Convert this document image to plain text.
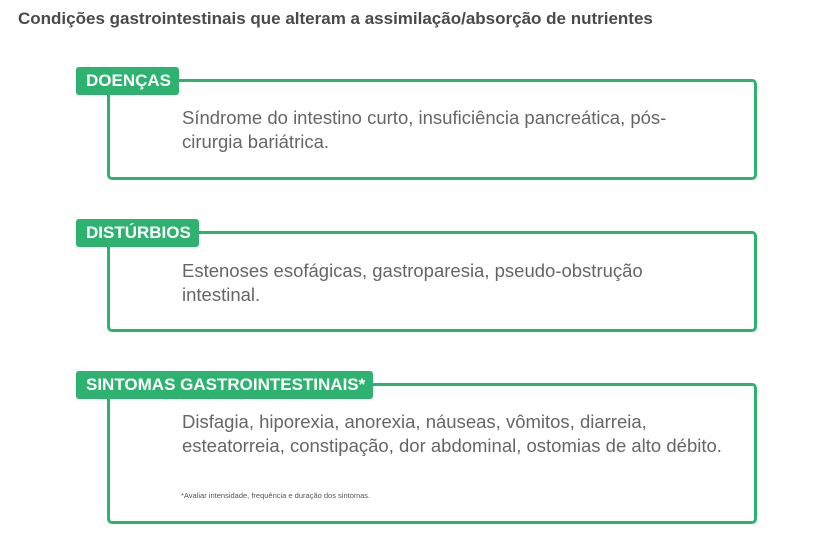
Condições gastrointestinais que alteram a assimilação/absorção de nutrientes
DOENÇAS
Síndrome do intestino curto, insuficiência pancreática, pós-cirurgia bariátrica.
DISTÚRBIOS
Estenoses esofágicas, gastroparesia, pseudo-obstrução intestinal.
SINTOMAS GASTROINTESTINAIS*
Disfagia, hiporexia, anorexia, náuseas, vômitos, diarreia, esteatorreia, constipação, dor abdominal, ostomias de alto débito.
*Avaliar intensidade, frequência e duração dos sintomas.
